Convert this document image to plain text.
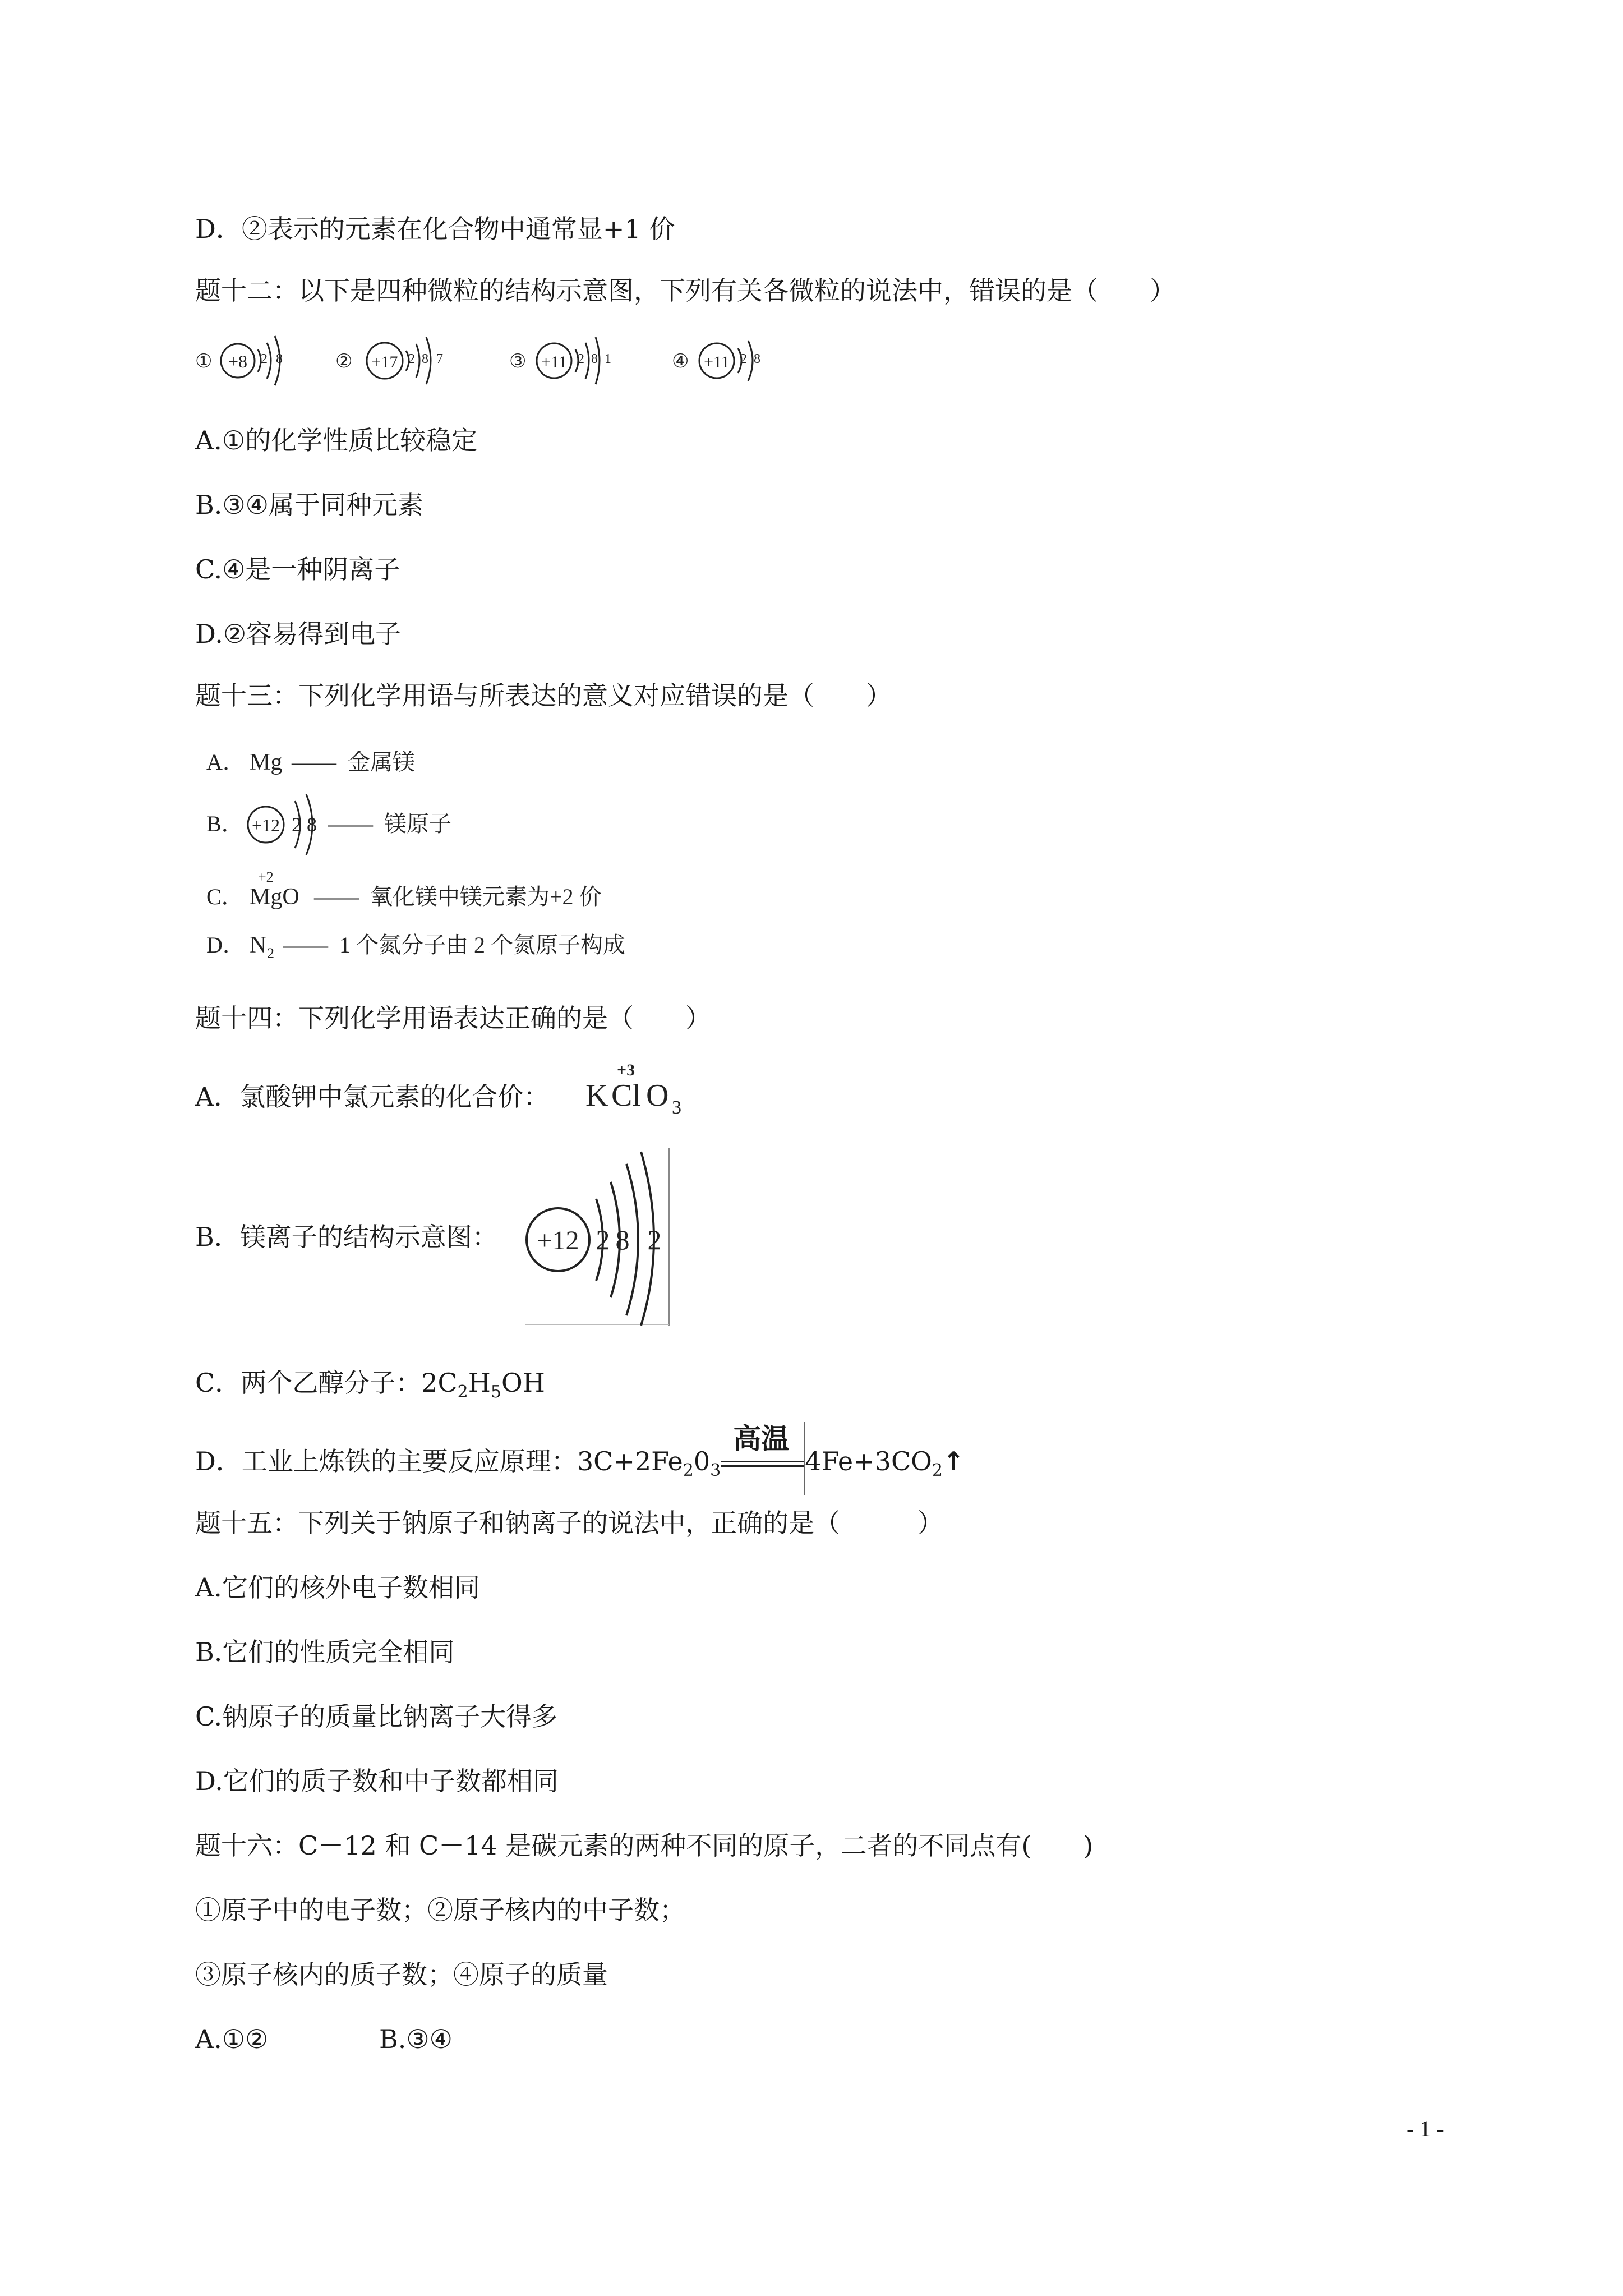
D．②表示的元素在化合物中通常显+1 价
题十二：以下是四种微粒的结构示意图，下列有关各微粒的说法中，错误的是（　　）
① +8 2 8	② +17 2 8 7	③ +11 2 8 1	④ +11 2 8
A.①的化学性质比较稳定
B.③④属于同种元素
C.④是一种阴离子
D.②容易得到电子
题十三：下列化学用语与所表达的意义对应错误的是（　　）
A． Mg —— 金属镁
B． +12 2 8 —— 镁原子
+2
C． MgO —— 氧化镁中镁元素为+2 价
D． N 2 —— 1 个氮分子由 2 个氮原子构成
题十四：下列化学用语表达正确的是（　　）
A．氯酸钾中氯元素的化合价：
+3
K Cl O 3
B．镁离子的结构示意图： +12 2 8 2
C．两个乙醇分子：$2C_2H_5OH$
D．工业上炼铁的主要反应原理：$3C+2Fe_20_3$
高温
$4Fe+3CO_2↑$
题十五：下列关于钠原子和钠离子的说法中，正确的是（　　　）
A.它们的核外电子数相同
B.它们的性质完全相同
C.钠原子的质量比钠离子大得多
D.它们的质子数和中子数都相同
题十六：C－12 和 C－14 是碳元素的两种不同的原子，二者的不同点有(　　)
①原子中的电子数；②原子核内的中子数；
③原子核内的质子数；④原子的质量
A.①②	B.③④
- 1 -
